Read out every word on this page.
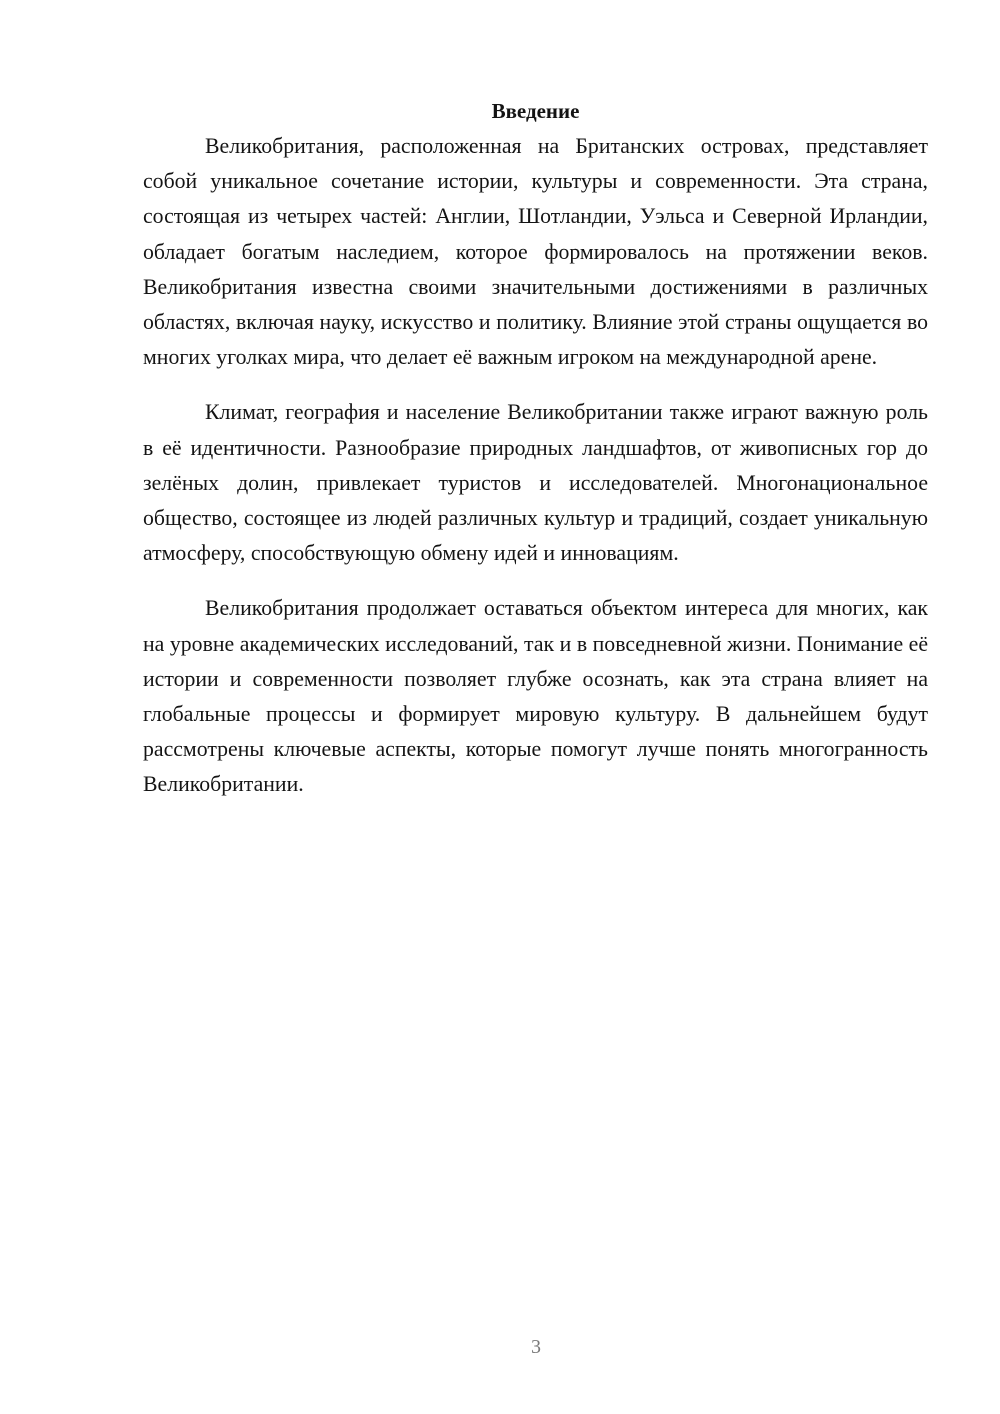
Введение

Великобритания, расположенная на Британских островах, представляет собой уникальное сочетание истории, культуры и современности. Эта страна, состоящая из четырех частей: Англии, Шотландии, Уэльса и Северной Ирландии, обладает богатым наследием, которое формировалось на протяжении веков. Великобритания известна своими значительными достижениями в различных областях, включая науку, искусство и политику. Влияние этой страны ощущается во многих уголках мира, что делает её важным игроком на международной арене.

Климат, география и население Великобритании также играют важную роль в её идентичности. Разнообразие природных ландшафтов, от живописных гор до зелёных долин, привлекает туристов и исследователей. Многонациональное общество, состоящее из людей различных культур и традиций, создает уникальную атмосферу, способствующую обмену идей и инновациям.

Великобритания продолжает оставаться объектом интереса для многих, как на уровне академических исследований, так и в повседневной жизни. Понимание её истории и современности позволяет глубже осознать, как эта страна влияет на глобальные процессы и формирует мировую культуру. В дальнейшем будут рассмотрены ключевые аспекты, которые помогут лучше понять многогранность Великобритании.

3
